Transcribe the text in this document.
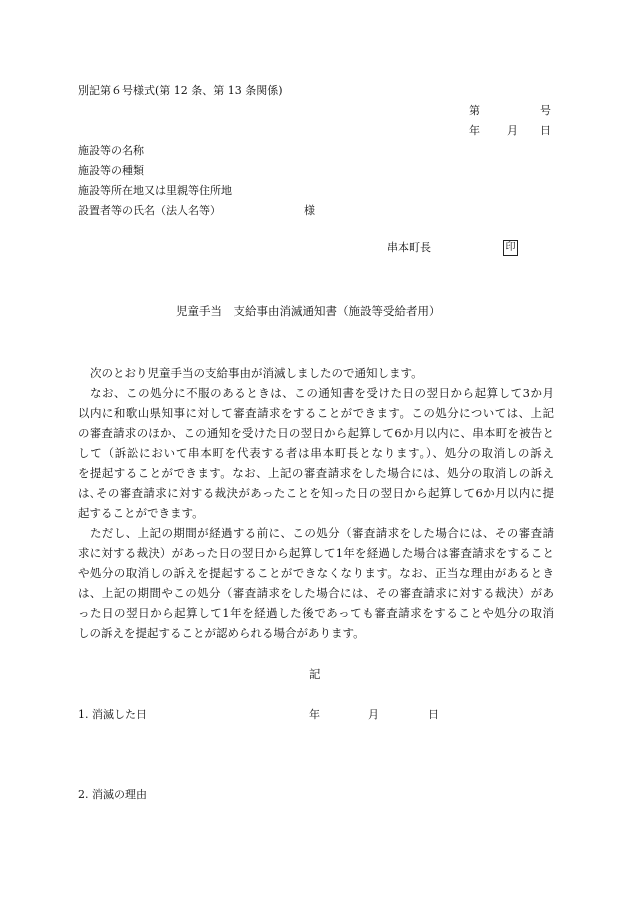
別記第６号様式(第 12 条、第 13 条関係)
第	号
年 月 日
施設等の名称
施設等の種類
施設等所在地又は里親等住所地
設置者等の氏名（法人名等）	様
串本町長	印
児童手当　支給事由消滅通知書（施設等受給者用）
次のとおり児童手当の支給事由が消滅しましたので通知します。
なお、この処分に不服のあるときは、この通知書を受けた日の翌日から起算して3か月
以内に和歌山県知事に対して審査請求をすることができます。この処分については、上記
の審査請求のほか、この通知を受けた日の翌日から起算して6か月以内に、串本町を被告と
して（訴訟において串本町を代表する者は串本町長となります。）、処分の取消しの訴え
を提起することができます。なお、上記の審査請求をした場合には、処分の取消しの訴え
は､その審査請求に対する裁決があったことを知った日の翌日から起算して6か月以内に提
起することができます。
ただし、上記の期間が経過する前に、この処分（審査請求をした場合には、その審査請
求に対する裁決）があった日の翌日から起算して1年を経過した場合は審査請求をすること
や処分の取消しの訴えを提起することができなくなります。なお、正当な理由があるとき
は、上記の期間やこの処分（審査請求をした場合には、その審査請求に対する裁決）があ
った日の翌日から起算して1年を経過した後であっても審査請求をすることや処分の取消
しの訴えを提起することが認められる場合があります。
記
1. 消滅した日	年	月	日
2. 消滅の理由
